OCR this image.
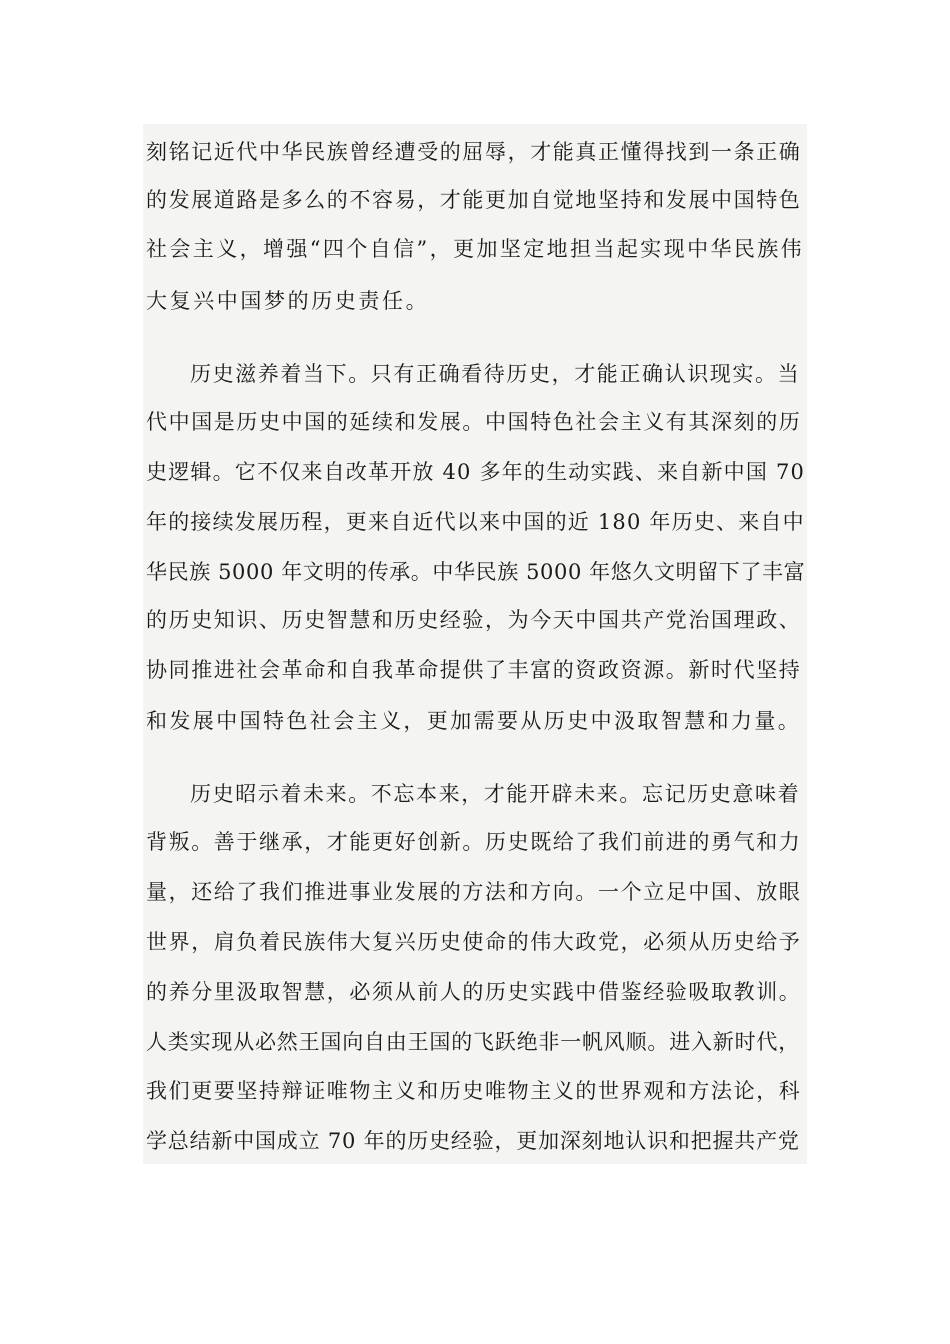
刻铭记近代中华民族曾经遭受的屈辱，才能真正懂得找到一条正确
的发展道路是多么的不容易，才能更加自觉地坚持和发展中国特色
社会主义，增强“四个自信”，更加坚定地担当起实现中华民族伟
大复兴中国梦的历史责任。
历史滋养着当下。只有正确看待历史，才能正确认识现实。当
代中国是历史中国的延续和发展。中国特色社会主义有其深刻的历
史逻辑。它不仅来自改革开放 40 多年的生动实践、来自新中国 70
年的接续发展历程，更来自近代以来中国的近 180 年历史、来自中
华民族 5000 年文明的传承。中华民族 5000 年悠久文明留下了丰富
的历史知识、历史智慧和历史经验，为今天中国共产党治国理政、
协同推进社会革命和自我革命提供了丰富的资政资源。新时代坚持
和发展中国特色社会主义，更加需要从历史中汲取智慧和力量。
历史昭示着未来。不忘本来，才能开辟未来。忘记历史意味着
背叛。善于继承，才能更好创新。历史既给了我们前进的勇气和力
量，还给了我们推进事业发展的方法和方向。一个立足中国、放眼
世界，肩负着民族伟大复兴历史使命的伟大政党，必须从历史给予
的养分里汲取智慧，必须从前人的历史实践中借鉴经验吸取教训。
人类实现从必然王国向自由王国的飞跃绝非一帆风顺。进入新时代，
我们更要坚持辩证唯物主义和历史唯物主义的世界观和方法论，科
学总结新中国成立 70 年的历史经验，更加深刻地认识和把握共产党
